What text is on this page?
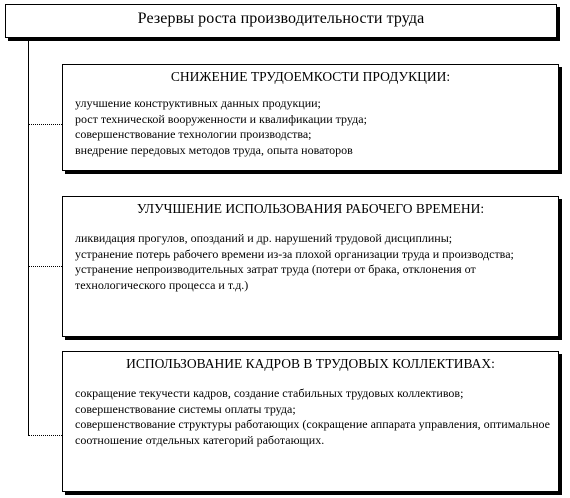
Резервы роста производительности труда
СНИЖЕНИЕ ТРУДОЕМКОСТИ ПРОДУКЦИИ:
улучшение конструктивных данных продукции;
рост технической вооруженности и квалификации труда;
совершенствование технологии производства;
внедрение передовых методов труда, опыта новаторов
УЛУЧШЕНИЕ ИСПОЛЬЗОВАНИЯ РАБОЧЕГО ВРЕМЕНИ:
ликвидация прогулов, опозданий и др. нарушений трудовой дисциплины;
устранение потерь рабочего времени из-за плохой организации труда и производства;
устранение непроизводительных затрат труда (потери от брака, отклонения от технологического процесса и т.д.)
ИСПОЛЬЗОВАНИЕ КАДРОВ В ТРУДОВЫХ КОЛЛЕКТИВАХ:
сокращение текучести кадров, создание стабильных трудовых коллективов;
совершенствование системы оплаты труда;
совершенствование структуры работающих (сокращение аппарата управления, оптимальное соотношение отдельных категорий работающих.
